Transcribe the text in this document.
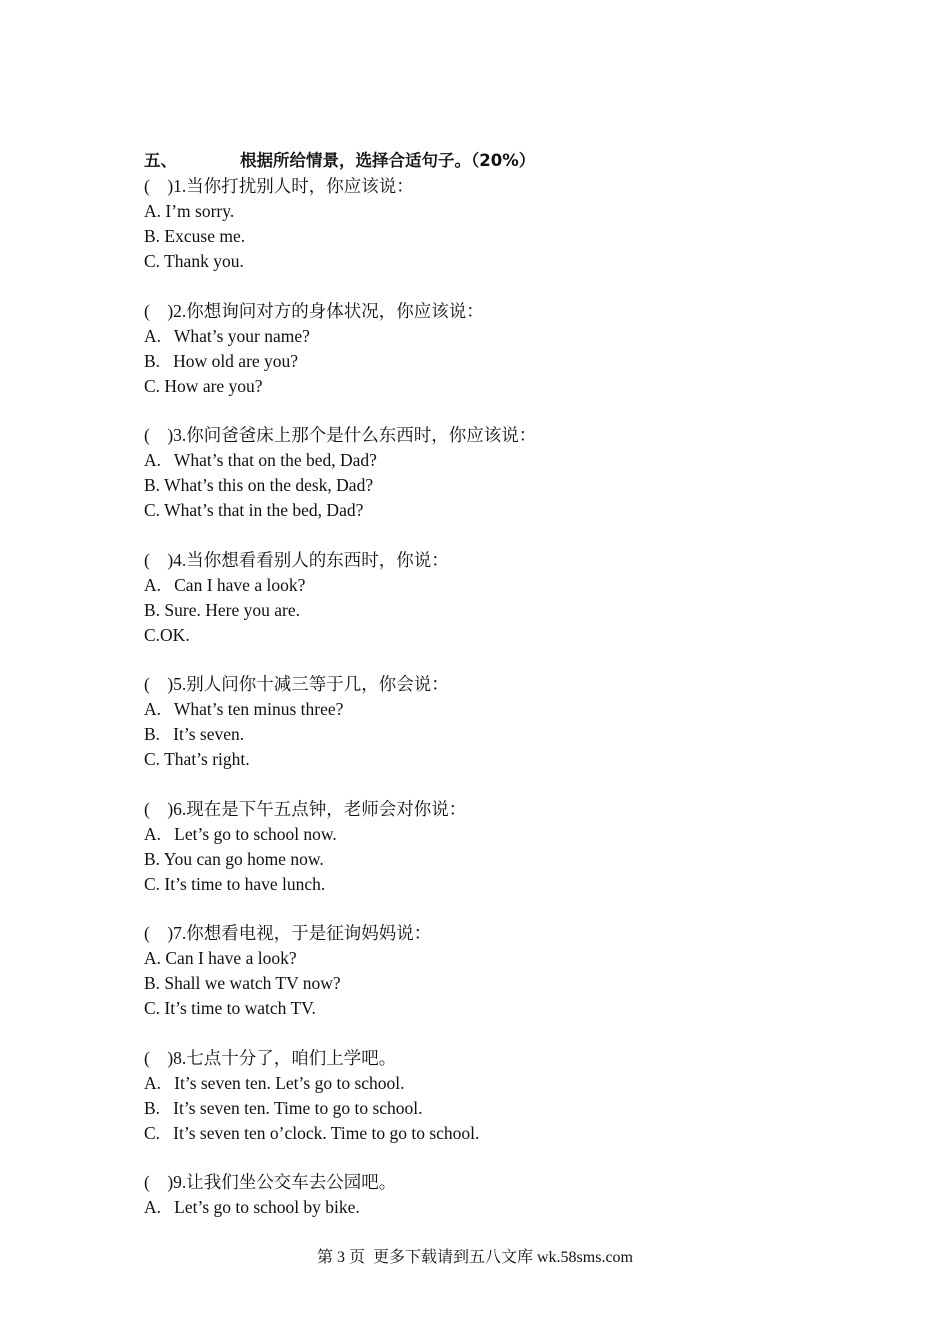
五、	根据所给情景，选择合适句子。（20%）
(    )1.当你打扰别人时，你应该说：
A. I’m sorry.
B. Excuse me.
C. Thank you.
(    )2.你想询问对方的身体状况，你应该说：
A.   What’s your name?
B.   How old are you?
C. How are you?
(    )3.你问爸爸床上那个是什么东西时，你应该说：
A.   What’s that on the bed, Dad?
B. What’s this on the desk, Dad?
C. What’s that in the bed, Dad?
(    )4.当你想看看别人的东西时，你说：
A.   Can I have a look?
B. Sure. Here you are.
C.OK.
(    )5.别人问你十减三等于几，你会说：
A.   What’s ten minus three?
B.   It’s seven.
C. That’s right.
(    )6.现在是下午五点钟，老师会对你说：
A.   Let’s go to school now.
B. You can go home now.
C. It’s time to have lunch.
(    )7.你想看电视，于是征询妈妈说：
A. Can I have a look?
B. Shall we watch TV now?
C. It’s time to watch TV.
(    )8.七点十分了，咱们上学吧。
A.   It’s seven ten. Let’s go to school.
B.   It’s seven ten. Time to go to school.
C.   It’s seven ten o’clock. Time to go to school.
(    )9.让我们坐公交车去公园吧。
A.   Let’s go to school by bike.
第 3 页  更多下载请到五八文库 wk.58sms.com
